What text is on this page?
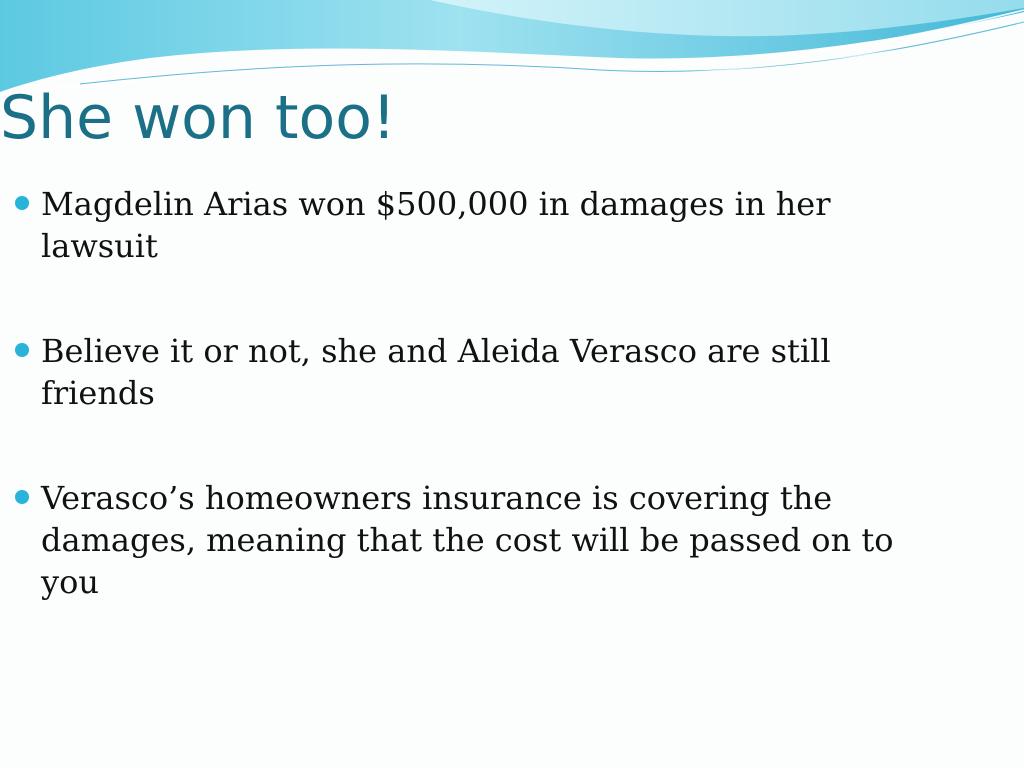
She won too!
Magdelin Arias won $500,000 in damages in her lawsuit
Believe it or not, she and Aleida Verasco are still friends
Verasco’s homeowners insurance is covering the damages, meaning that the cost will be passed on to you
